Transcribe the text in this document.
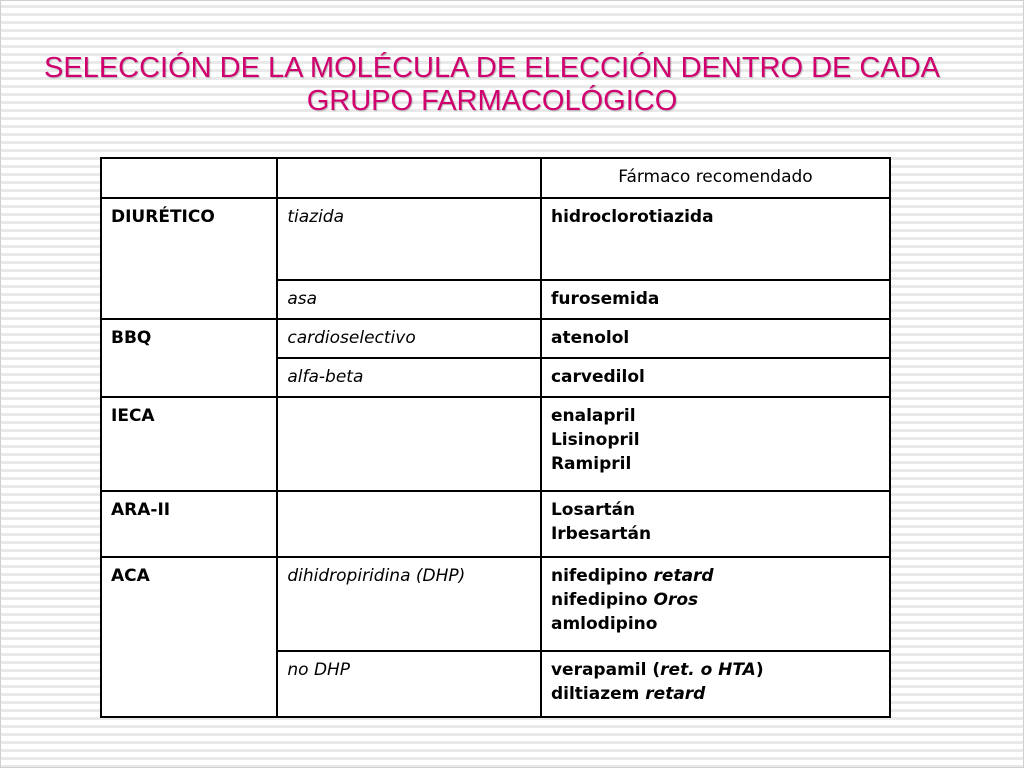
SELECCIÓN DE LA MOLÉCULA DE ELECCIÓN DENTRO DE CADA
GRUPO FARMACOLÓGICO
		Fármaco recomendado
DIURÉTICO	tiazida	hidroclorotiazida
	asa	furosemida
BBQ	cardioselectivo	atenolol
	alfa-beta	carvedilol
IECA		enalapril
Lisinopril
Ramipril

ARA-II		Losartán
Irbesartán

ACA	dihidropiridina (DHP)	nifedipino retard
nifedipino Oros
amlodipino

	no DHP	verapamil (ret. o HTA)
diltiazem retard
